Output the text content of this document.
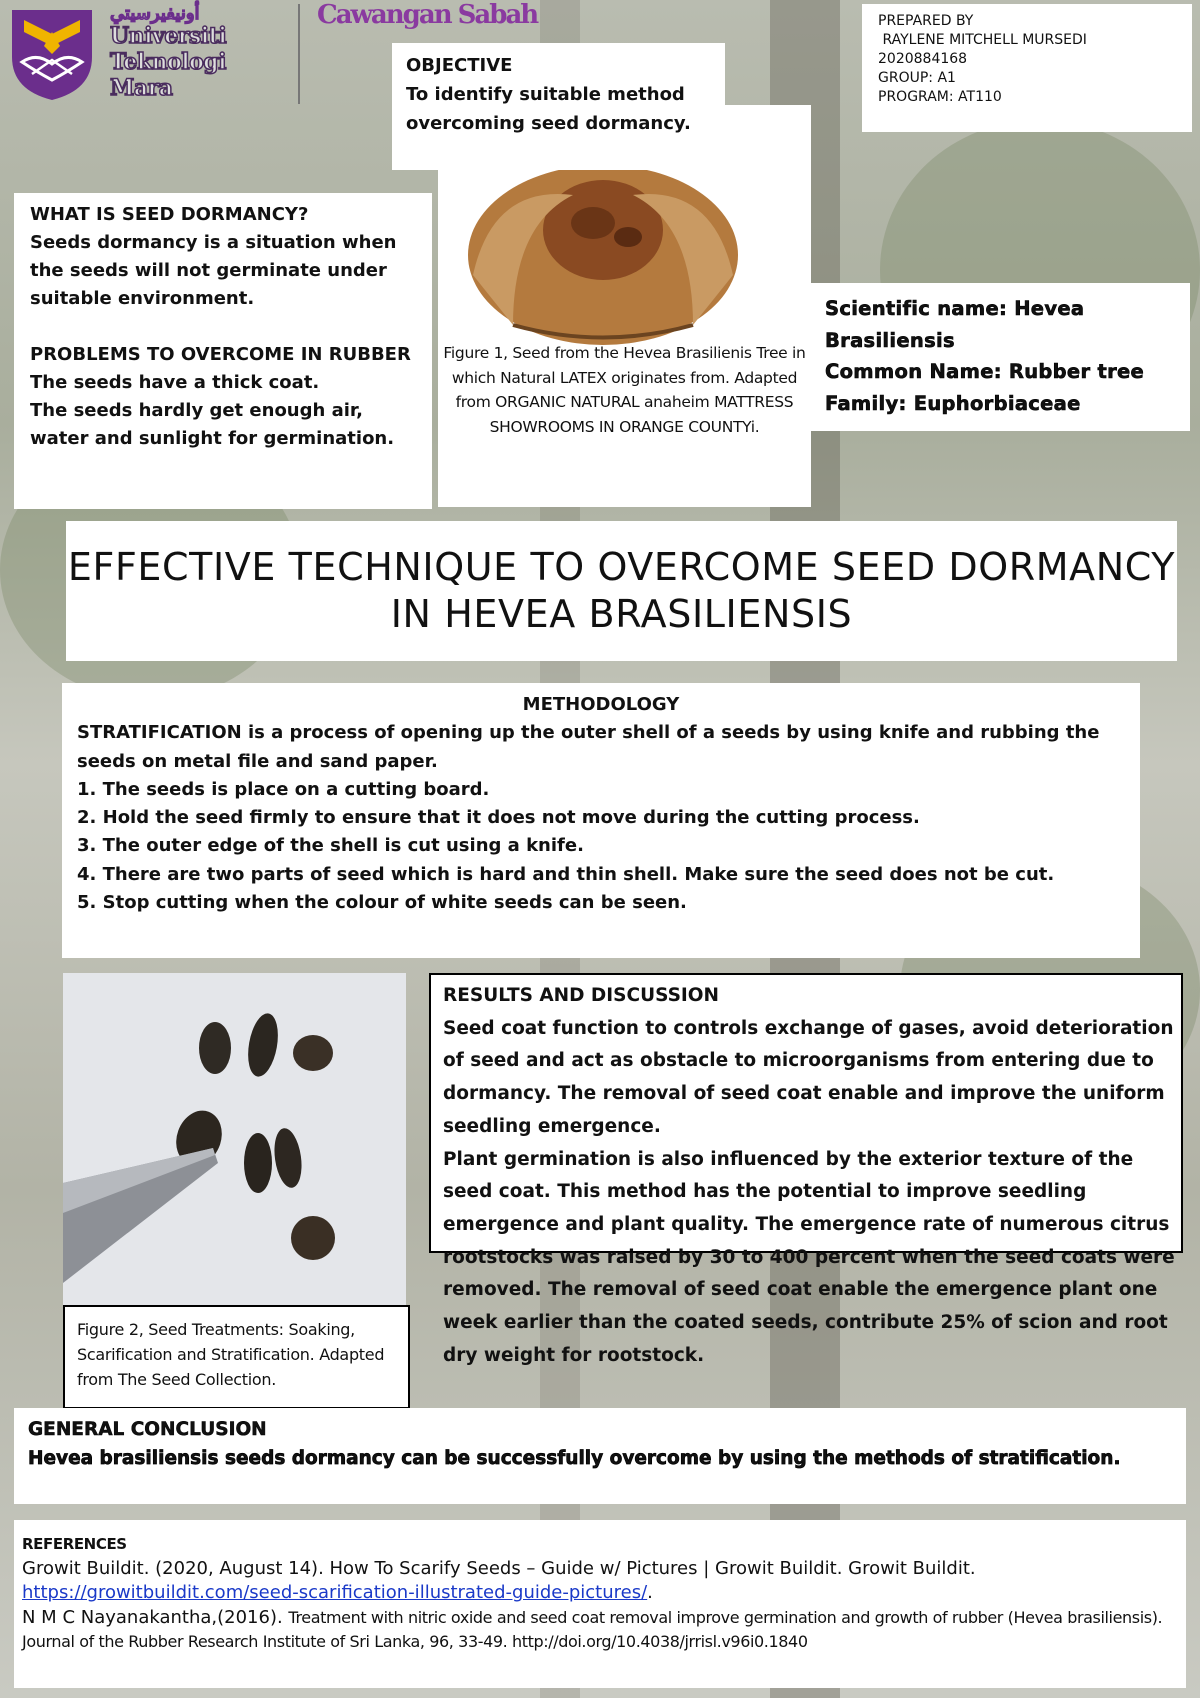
أونيفيرسيتي
Universiti
Teknologi
Mara
Cawangan Sabah	PREPARED BY
RAYLENE MITCHELL MURSEDI
2020884168
GROUP: A1
PROGRAM: AT110
Figure 1, Seed from the Hevea Brasilienis Tree in which Natural LATEX originates from. Adapted from ORGANIC NATURAL anaheim MATTRESS SHOWROOMS IN ORANGE COUNTYi.
OBJECTIVE
To identify suitable method overcoming seed dormancy.

WHAT IS SEED DORMANCY?

Seeds dormancy is a situation when the seeds will not germinate under suitable environment.

PROBLEMS TO OVERCOME IN RUBBER

The seeds have a thick coat.

The seeds hardly get enough air, water and sunlight for germination.

Scientific name: Hevea Brasiliensis
Common Name: Rubber tree
Family: Euphorbiaceae
EFFECTIVE TECHNIQUE TO OVERCOME SEED DORMANCY IN HEVEA BRASILIENSIS
METHODOLOGY
STRATIFICATION is a process of opening up the outer shell of a seeds by using knife and rubbing the seeds on metal file and sand paper.
1. The seeds is place on a cutting board.
2. Hold the seed firmly to ensure that it does not move during the cutting process.
3. The outer edge of the shell is cut using a knife.
4. There are two parts of seed which is hard and thin shell. Make sure the seed does not be cut.
5. Stop cutting when the colour of white seeds can be seen.
Figure 2, Seed Treatments: Soaking, Scarification and Stratification. Adapted from The Seed Collection.
RESULTS AND DISCUSSION
Seed coat function to controls exchange of gases, avoid deterioration of seed and act as obstacle to microorganisms from entering due to dormancy. The removal of seed coat enable and improve the uniform seedling emergence.
Plant germination is also influenced by the exterior texture of the seed coat. This method has the potential to improve seedling emergence and plant quality. The emergence rate of numerous citrus rootstocks was raised by 30 to 400 percent when the seed coats were removed. The removal of seed coat enable the emergence plant one week earlier than the coated seeds, contribute 25% of scion and root dry weight for rootstock.
GENERAL CONCLUSION
Hevea brasiliensis seeds dormancy can be successfully overcome by using the methods of stratification.
REFERENCES
Growit Buildit. (2020, August 14). How To Scarify Seeds – Guide w/ Pictures | Growit Buildit. Growit Buildit. https://growitbuildit.com/seed-scarification-illustrated-guide-pictures/.
N M C Nayanakantha,(2016). Treatment with nitric oxide and seed coat removal improve germination and growth of rubber (Hevea brasiliensis). Journal of the Rubber Research Institute of Sri Lanka, 96, 33-49. http://doi.org/10.4038/jrrisl.v96i0.1840
